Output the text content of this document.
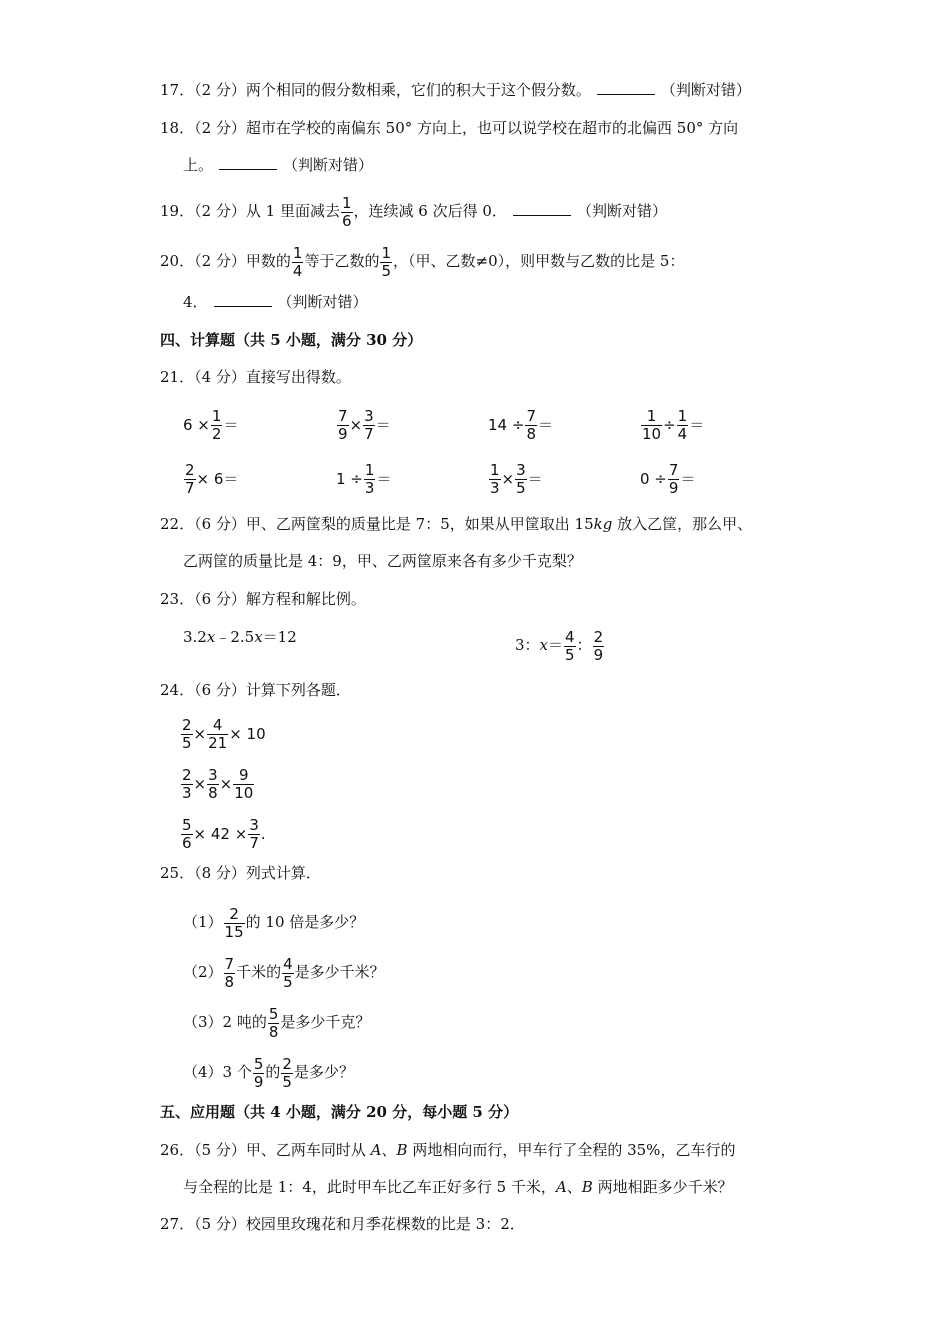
17．（2 分）两个相同的假分数相乘，它们的积大于这个假分数。	（判断对错）
18．（2 分）超市在学校的南偏东 50° 方向上，也可以说学校在超市的北偏西 50° 方向
上。	（判断对错）
19．（2 分）从 1 里面减去 $\frac{1}{6}$ ，连续减 6 次后得 0．	（判断对错）
20．（2 分）甲数的 $\frac{1}{4}$ 等于乙数的 $\frac{1}{5}$ ，（甲、乙数≠0），则甲数与乙数的比是 5：
4．	（判断对错）
四、计算题（共 5 小题，满分 30 分）
21．（4 分）直接写出得数。
$6 \times \frac{1}{2}$ ＝	$\frac{7}{9} \times \frac{3}{7}$ ＝	$14 \div \frac{7}{8}$ ＝	$\frac{1}{10} \div \frac{1}{4}$ ＝
$\frac{2}{7} \times 6=$	$1 \div \frac{1}{3}$ ＝	$\frac{1}{3} \times \frac{3}{5}$ ＝	$0 \div \frac{7}{9}$ ＝
22．（6 分）甲、乙两筐梨的质量比是 7：5，如果从甲筐取出 15kg 放入乙筐，那么甲、
乙两筐的质量比是 4：9，甲、乙两筐原来各有多少千克梨？
23．（6 分）解方程和解比例。
3.2x﹣2.5x＝12	3：$x= \frac{4}{5}$ ： $\frac{2}{9}$
24．（6 分）计算下列各题．
$\frac{2}{5} \times \frac{4}{21} \times 10$
$\frac{2}{3} \times \frac{3}{8} \times \frac{9}{10}$
$\frac{5}{6} \times 42 \times \frac{3}{7}$ .
25．（8 分）列式计算．
$(1) \frac{2}{15}$ 的 10 倍是多少？
$(2) \frac{7}{8}$ 千米的 $\frac{4}{5}$ 是多少千米？
（3）2 吨的 $\frac{5}{8}$ 是多少千克？
（4）3 个 $\frac{5}{9}$ 的 $\frac{2}{5}$ 是多少？
五、应用题（共 4 小题，满分 20 分，每小题 5 分）
26．（5 分）甲、乙两车同时从 A、B 两地相向而行，甲车行了全程的 35%，乙车行的
与全程的比是 1：4，此时甲车比乙车正好多行 5 千米，A、B 两地相距多少千米？
27．（5 分）校园里玫瑰花和月季花棵数的比是 3：2．
